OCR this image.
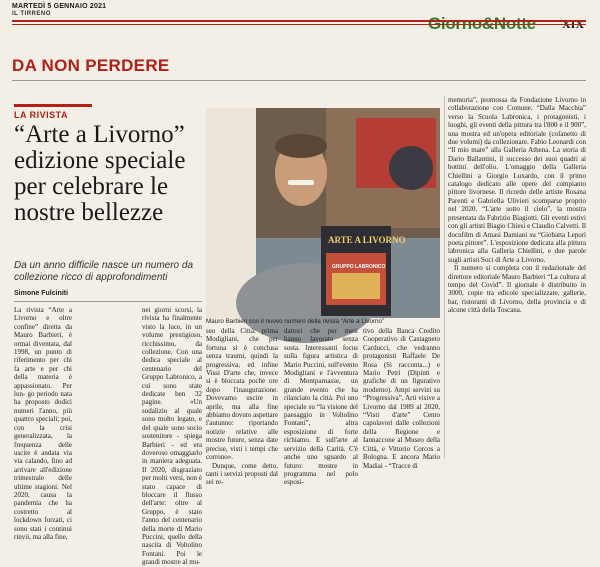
MARTEDÌ 5 GENNAIO 2021
IL TIRRENO	Giorno&Notte XIX
DA NON PERDERE
LA RIVISTA
“Arte a Livorno” edizione speciale per celebrare le nostre bellezze
Da un anno difficile nasce un numero da collezione ricco di approfondimenti
Simone Fulciniti
La rivista “Arte a Livorno e oltre confine” diretta da Mauro Barbieri, è ormai diventata, dal 1998, un punto di riferimento per chi fa arte e per chi della materia è appassionato. Per lun- go periodo nata ha proposto dodici numeri l'anno, più quattro speciali; poi, con la crisi generalizzata, la frequenza delle uscite è andata via via calando, fino ad arrivare all'edizione trimestrale delle ultime stagioni. Nel 2020, causa la pandemia che ha costretto al lockdown forzati, ci sono stati i continui rinvii, ma alla fine,
nei giorni scorsi, la rivista ha finalmente visto la luce, in un volume prestigioso, ricchissimo, da collezione. Con una dedica speciale al centenario del Gruppo Labronico, a cui sono state dedicate ben 32 pagine. «Un sodalizio al quale sono molto legato, e del quale sono socio sostenitore - spiega Barbieri - ed era doveroso omaggiarlo in maniera adeguata. Il 2020, disgraziato per molti versi, non è stato capace di bloccare il flusso dell'arte: oltre al Gruppo, è stato l'anno del centenario della morte di Mario Puccini, quello della nascita di Voltolino Fontani. Poi le grandi mostre al mu-
ARTE A LIVORNO
GRUPPO LABRONICO
Mauro Barbieri con il nuovo numero della rivista “Arte a Livorno”
seo della Città: prima Modigliani, che per fortuna si è conclusa senza traumi, quindi la progressiva, ed infine Vissi D'arte che, invece si è bloccata poche ore dopo l'inaugurazione. Dovevamo uscire in aprile, ma alla fine abbiamo dovuto aspettare l'autunno: riportando notizie relative alle mostre future, senza date precise, visti i tempi che corrono».
Dunque, come detto, tanti i servizi proposti dal sei re-
dattori che per mesi hanno lavorato senza sosta. Interessanti focus sulla figura artistica di Mario Puccini, sull'evento Modigliani e l'avventura di Montparnasse, un grande evento che ha rilanciato la città. Poi uno speciale su “la visione del paesaggio in Voltolino Fontani”, altra esposizione di forte richiamo. E sull'arte al servizio della Carità. C'è anche uno sguardo al futuro: mostre in programma nel polo esposi-
tivo della Banca Credito Cooperativo di Castagneto Carducci, che vedranno protagonisti Raffaele De Rosa (Si racconta...) e Mario Petri (Dipinti e grafiche di un figurativo moderno). Ampi servizi su “Progressiva”, Arti visive a Livorno dal 1989 al 2020, “Visti d'arte” Cento capolavori dalle collezioni della Regione e Iannaccone al Museo della Città, e Vittorio Corcos a Bologna. E ancora Mario Madiai - “Tracce di
memoria”, promossa da Fondazione Livorno in collaborazione con Comune. “Dalla Macchia” verso la Scuola Labronica, i protagonisti, i luoghi, gli eventi della pittura tra l'800 e il 900”, una mostra ed un'opera editoriale (cofanetto di due volumi) da collezionare. Fabio Leonardi con “Il mio mare” alla Galleria Athena. La storia di Dario Ballantini, il successo dei suoi quadri ai bottini dell'olio. L'omaggio della Galleria Chiellini a Giorgio Luxardo, con il primo catalogo dedicato alle opere del compianto pittore livornese. Il ricordo delle artiste Rosana Parenti e Gabriella Ulivieri scomparse proprio nel 2020. “L'arte sotto il cielo”, la mostra presentata da Fabrizio Biagiotti. Gli eventi estivi con gli artisti Biagio Chiesi e Claudio Calvetti. Il docufilm di Amasi Damiani su “Giobatta Leporì poeta pittore”. L'esposizione dedicata alla pittura labronica alla Galleria Chiellini, e due parole sugli artisti Soci di Arte a Livorno.
Il numero si completa con il redazionale del direttore editoriale Mauro Barbieri “La cultura al tempo del Covid”. Il giornale è distribuito in 3000, copie tra edicole specializzate, gallerie, bar, ristoranti di Livorno, della provincia e di alcune città della Toscana.
